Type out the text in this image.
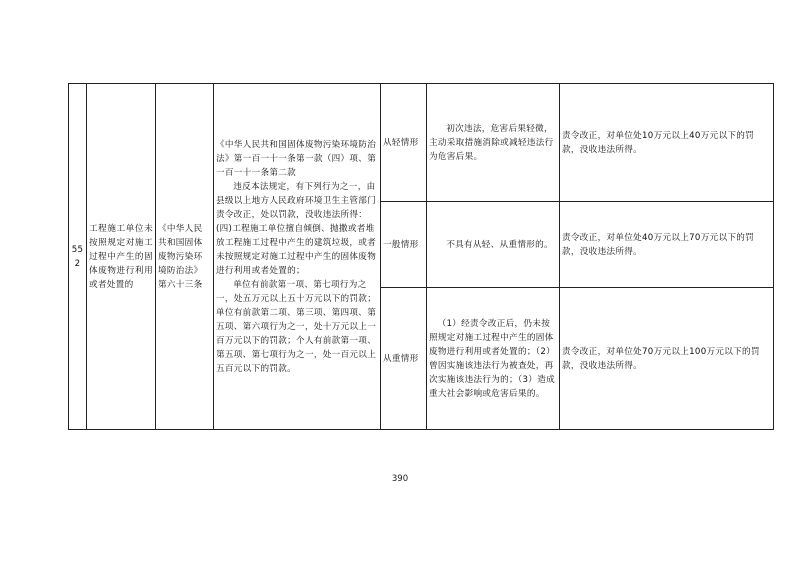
552	工程施工单位未按照规定对施工过程中产生的固体废物进行利用或者处置的	《中华人民共和国固体废物污染环境防治法》第六十三条	《中华人民共和国固体废物污染环境防治法》第一百一十一条第一款（四）项、第一百一十一条第二款

违反本法规定，有下列行为之一，由县级以上地方人民政府环境卫生主管部门责令改正，处以罚款，没收违法所得：(四)工程施工单位擅自倾倒、抛撒或者堆放工程施工过程中产生的建筑垃圾，或者未按照规定对施工过程中产生的固体废物进行利用或者处置的；

单位有前款第一项、第七项行为之一，处五万元以上五十万元以下的罚款；单位有前款第二项、第三项、第四项、第五项、第六项行为之一，处十万元以上一百万元以下的罚款；个人有前款第一项、第五项、第七项行为之一，处一百元以上五百元以下的罚款。	从轻情形	初次违法，危害后果轻微，主动采取措施消除或减轻违法行为危害后果。	责令改正，对单位处10万元以上40万元以下的罚款，没收违法所得。
				一般情形	不具有从轻、从重情形的。	责令改正，对单位处40万元以上70万元以下的罚款，没收违法所得。
				从重情形	（1）经责令改正后，仍未按照规定对施工过程中产生的固体废物进行利用或者处置的；（2）曾因实施该违法行为被查处，再次实施该违法行为的；（3）造成重大社会影响或危害后果的。	责令改正，对单位处70万元以上100万元以下的罚款，没收违法所得。
390
